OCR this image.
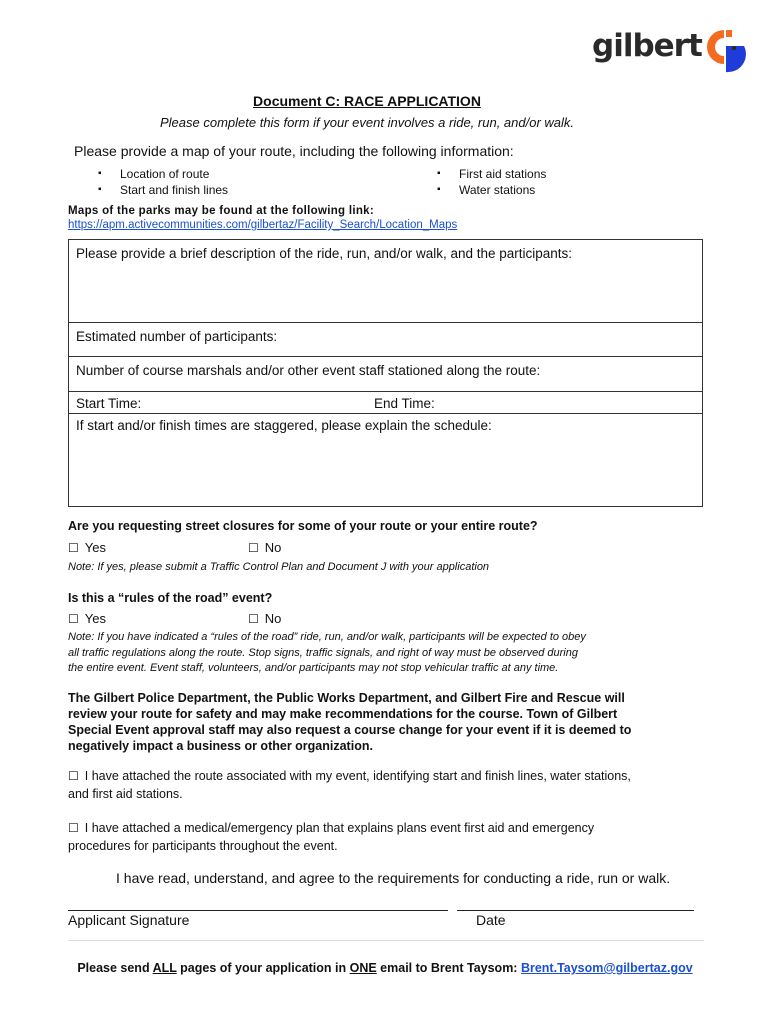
gilbert
Document C: RACE APPLICATION
Please complete this form if your event involves a ride, run, and/or walk.
Please provide a map of your route, including the following information:
▪ Location of route
▪ Start and finish lines
▪ First aid stations
▪ Water stations
Maps of the parks may be found at the following link:
https://apm.activecommunities.com/gilbertaz/Facility_Search/Location_Maps
Please provide a brief description of the ride, run, and/or walk, and the participants:
Estimated number of participants:
Number of course marshals and/or other event staff stationed along the route:
Start Time:	End Time:
If start and/or finish times are staggered, please explain the schedule:
Are you requesting street closures for some of your route or your entire route?
☐ Yes	☐ No
Note: If yes, please submit a Traffic Control Plan and Document J with your application
Is this a “rules of the road” event?
☐ Yes	☐ No
Note: If you have indicated a “rules of the road” ride, run, and/or walk, participants will be expected to obey
all traffic regulations along the route. Stop signs, traffic signals, and right of way must be observed during
the entire event. Event staff, volunteers, and/or participants may not stop vehicular traffic at any time.
The Gilbert Police Department, the Public Works Department, and Gilbert Fire and Rescue will
review your route for safety and may make recommendations for the course. Town of Gilbert
Special Event approval staff may also request a course change for your event if it is deemed to
negatively impact a business or other organization.
☐ I have attached the route associated with my event, identifying start and finish lines, water stations,
and first aid stations.
☐ I have attached a medical/emergency plan that explains plans event first aid and emergency
procedures for participants throughout the event.
I have read, understand, and agree to the requirements for conducting a ride, run or walk.
Applicant Signature	Date
Please send ALL pages of your application in ONE email to Brent Taysom: Brent.Taysom@gilbertaz.gov
